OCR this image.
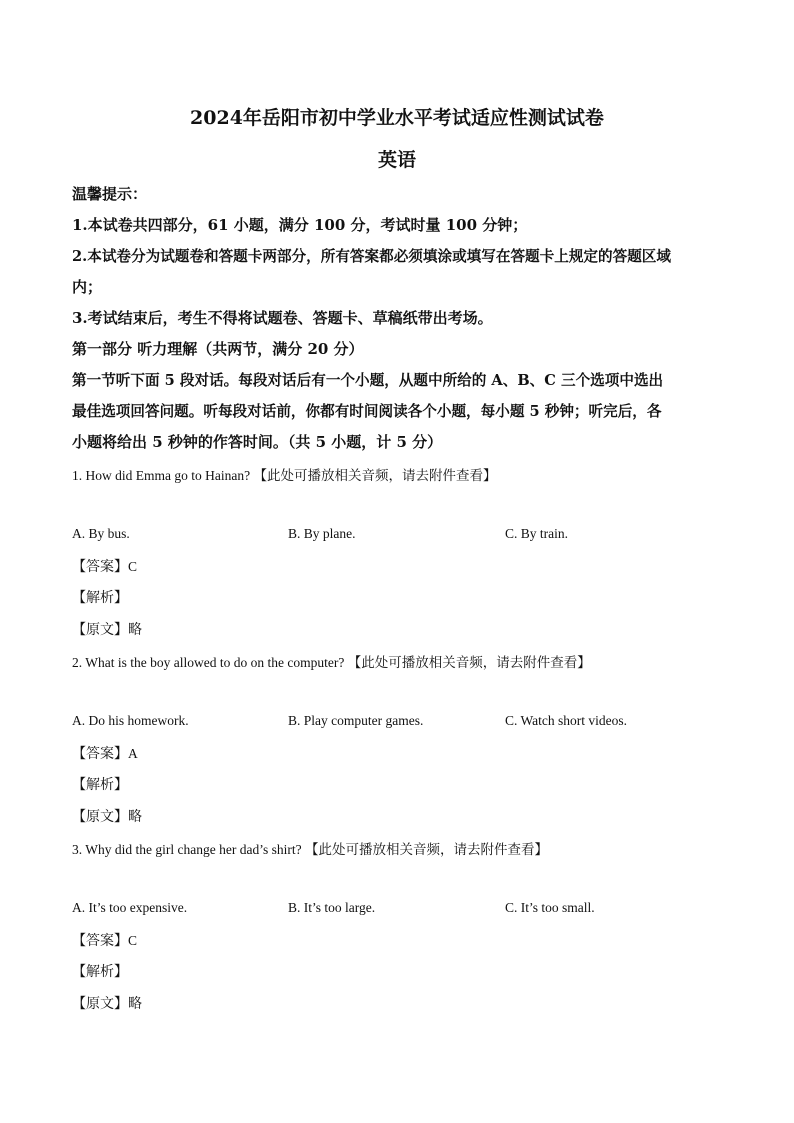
2024年岳阳市初中学业水平考试适应性测试试卷
英语
温馨提示：
1.本试卷共四部分，61 小题，满分 100 分，考试时量 100 分钟；
2.本试卷分为试题卷和答题卡两部分，所有答案都必须填涂或填写在答题卡上规定的答题区域
内；
3.考试结束后，考生不得将试题卷、答题卡、草稿纸带出考场。
第一部分 听力理解（共两节，满分 20 分）
第一节听下面 5 段对话。每段对话后有一个小题，从题中所给的 A、B、C 三个选项中选出
最佳选项回答问题。听每段对话前，你都有时间阅读各个小题，每小题 5 秒钟；听完后，各
小题将给出 5 秒钟的作答时间。（共 5 小题，计 5 分）
1. How did Emma go to Hainan? 【此处可播放相关音频，请去附件查看】
A. By bus.	B. By plane.	C. By train.
【答案】C
【解析】
【原文】略
2. What is the boy allowed to do on the computer? 【此处可播放相关音频，请去附件查看】
A. Do his homework.	B. Play computer games.	C. Watch short videos.
【答案】A
【解析】
【原文】略
3. Why did the girl change her dad’s shirt? 【此处可播放相关音频，请去附件查看】
A. It’s too expensive.	B. It’s too large.	C. It’s too small.
【答案】C
【解析】
【原文】略
